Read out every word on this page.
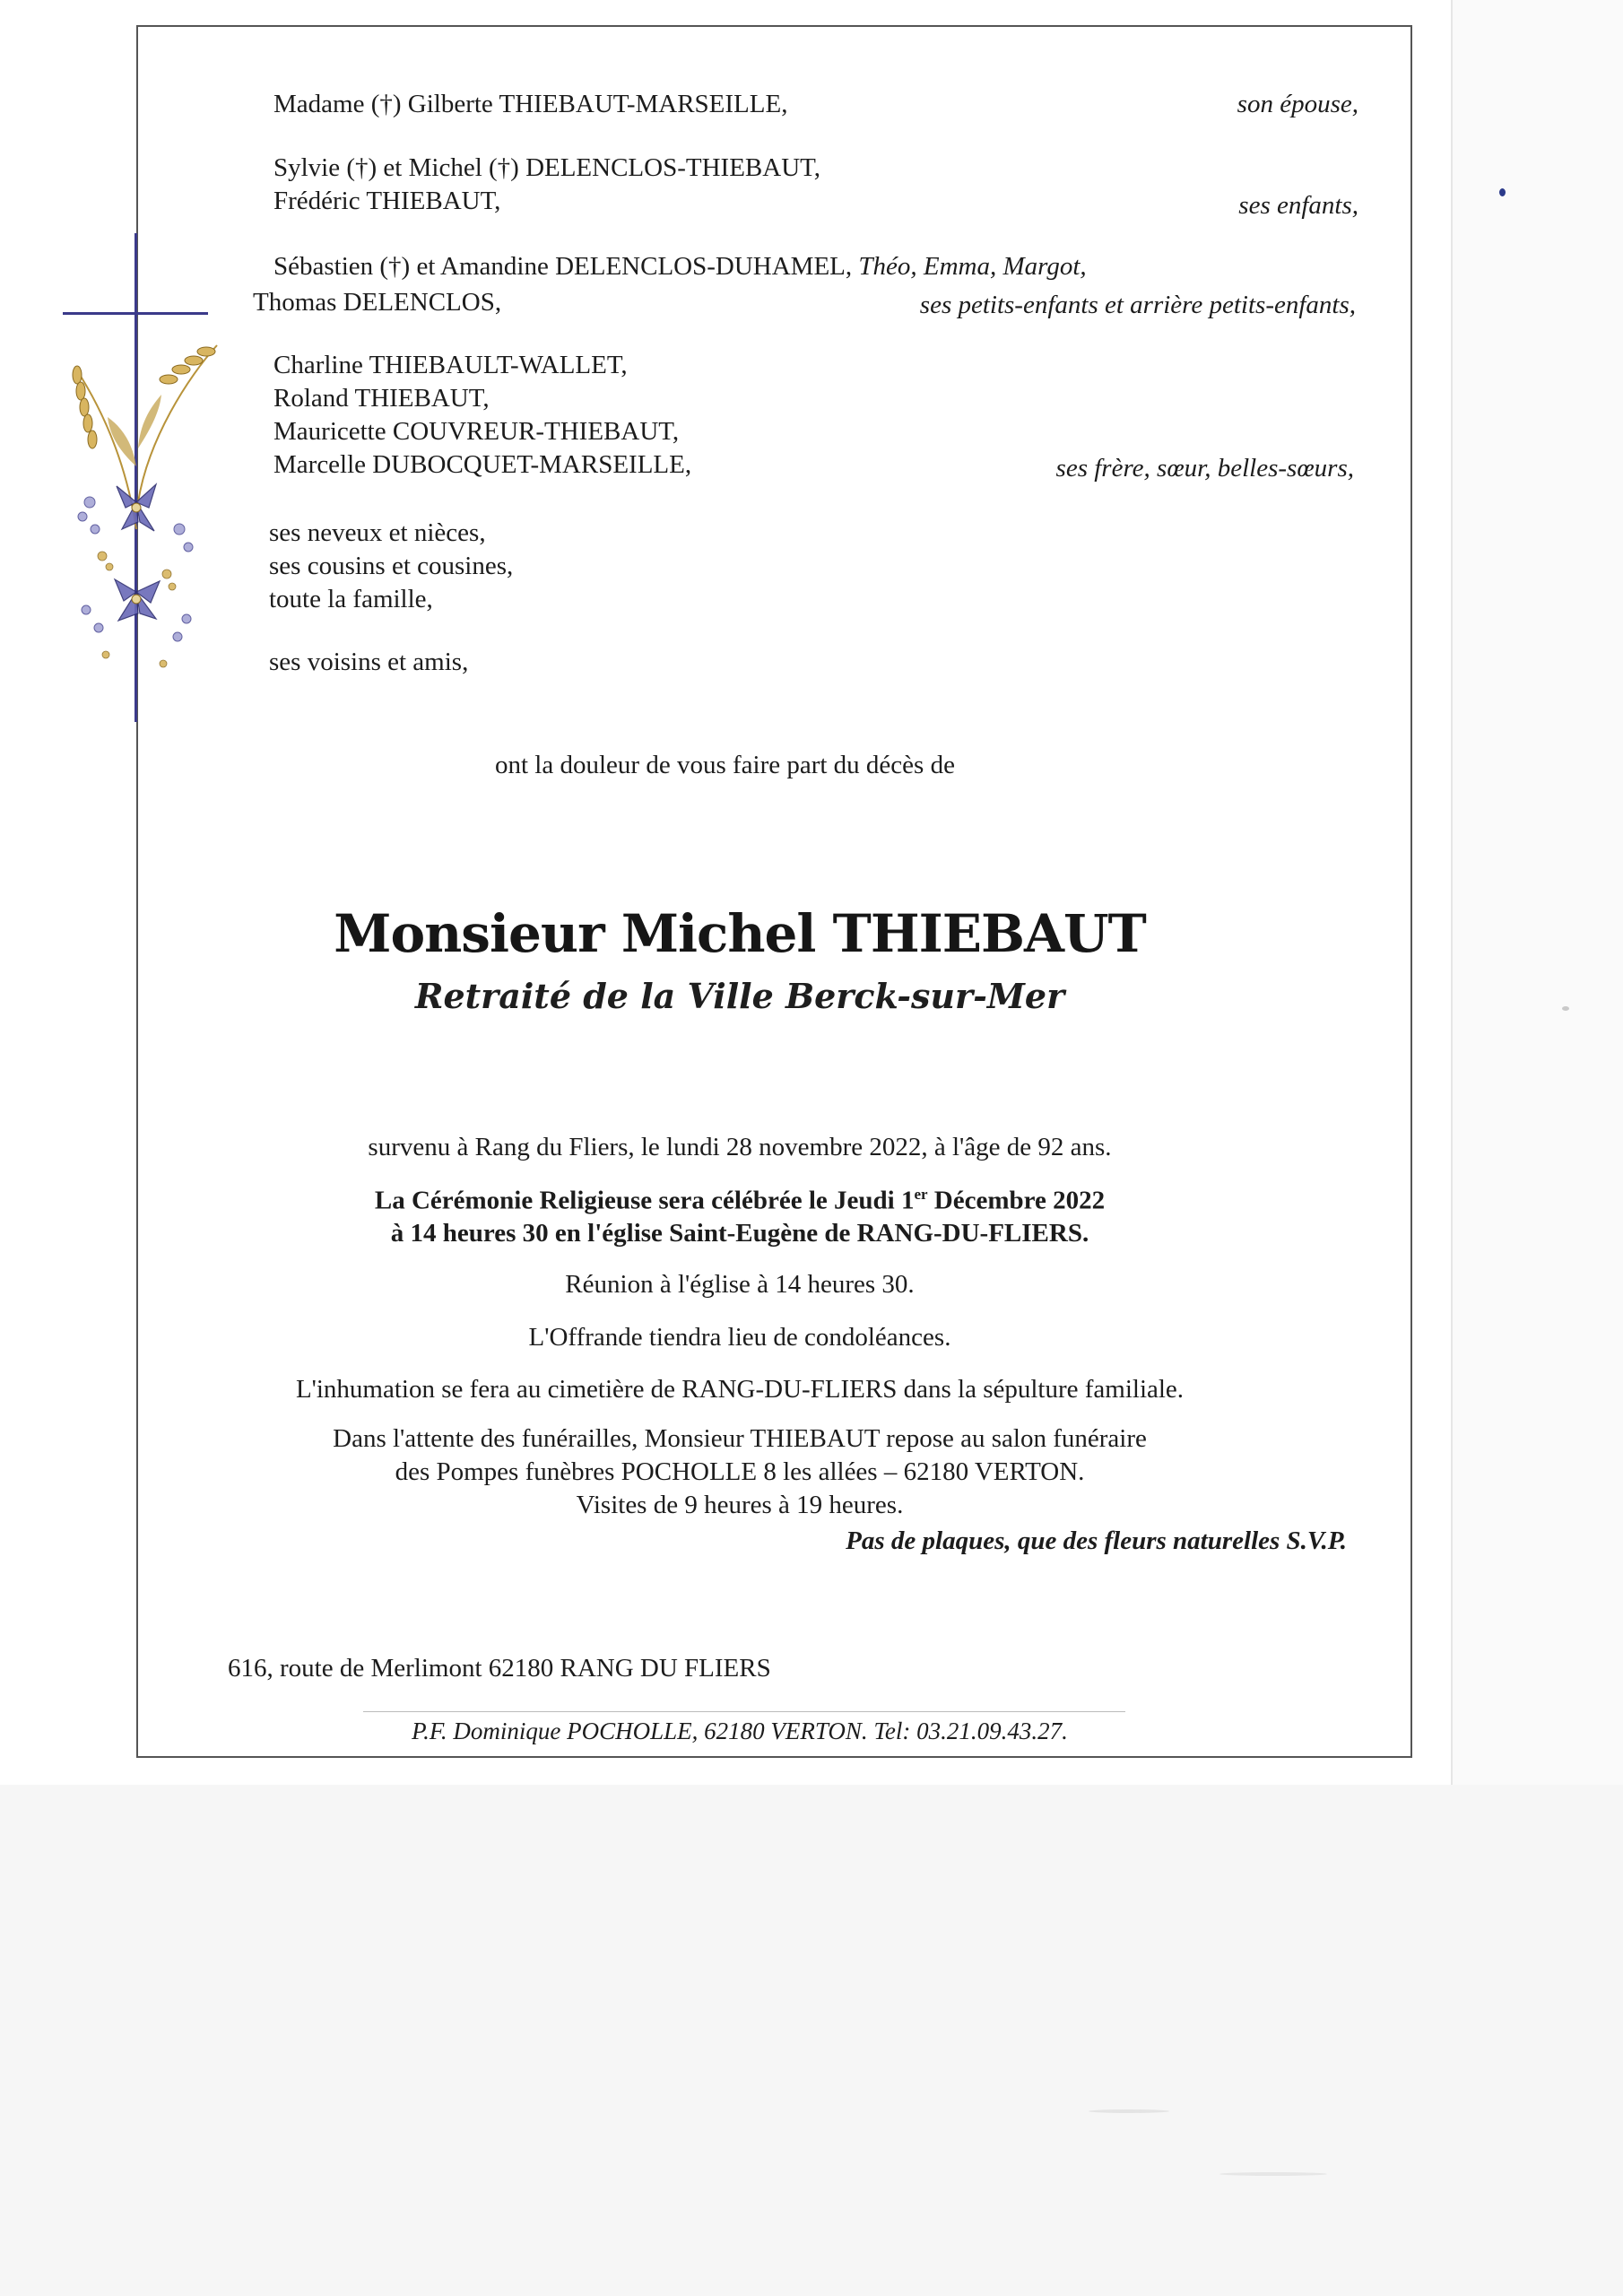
Madame (†) Gilberte THIEBAUT-MARSEILLE,	son épouse,
Sylvie (†) et Michel (†) DELENCLOS-THIEBAUT,
Frédéric THIEBAUT,	ses enfants,
Sébastien (†) et Amandine DELENCLOS-DUHAMEL, Théo, Emma, Margot,
Thomas DELENCLOS,	ses petits-enfants et arrière petits-enfants,
Charline THIEBAULT-WALLET,
Roland THIEBAUT,
Mauricette COUVREUR-THIEBAUT,
Marcelle DUBOCQUET-MARSEILLE,	ses frère, sœur, belles-sœurs,
ses neveux et nièces,
ses cousins et cousines,
toute la famille,
ses voisins et amis,
ont la douleur de vous faire part du décès de
Monsieur Michel THIEBAUT
Retraité de la Ville Berck-sur-Mer
survenu à Rang du Fliers, le lundi 28 novembre 2022, à l'âge de 92 ans.
La Cérémonie Religieuse sera célébrée le Jeudi 1er Décembre 2022
à 14 heures 30 en l'église Saint-Eugène de RANG-DU-FLIERS.
Réunion à l'église à 14 heures 30.
L'Offrande tiendra lieu de condoléances.
L'inhumation se fera au cimetière de RANG-DU-FLIERS dans la sépulture familiale.
Dans l'attente des funérailles, Monsieur THIEBAUT repose au salon funéraire
des Pompes funèbres POCHOLLE 8 les allées – 62180 VERTON.
Visites de 9 heures à 19 heures.
Pas de plaques, que des fleurs naturelles S.V.P.
616, route de Merlimont 62180 RANG DU FLIERS
P.F. Dominique POCHOLLE, 62180 VERTON. Tel: 03.21.09.43.27.
